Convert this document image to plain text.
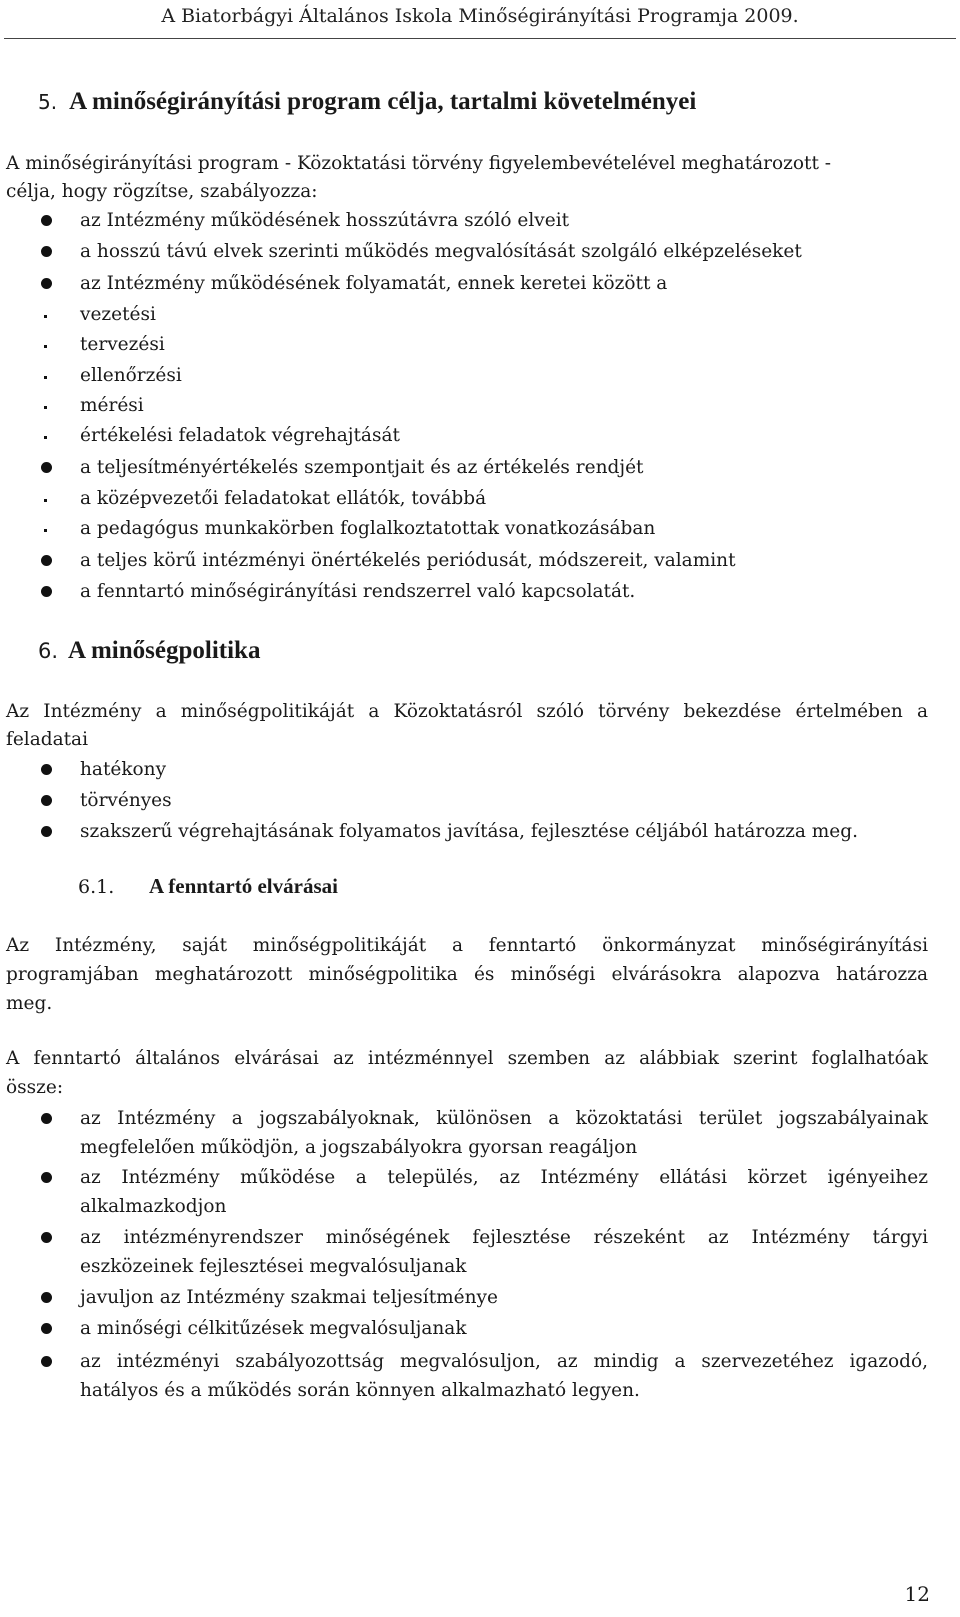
A Biatorbágyi Általános Iskola Minőségirányítási Programja 2009.
5. A minőségirányítási program célja, tartalmi követelményei
A minőségirányítási program - Közoktatási törvény figyelembevételével meghatározott -
célja, hogy rögzítse, szabályozza:
az Intézmény működésének hosszútávra szóló elveit
a hosszú távú elvek szerinti működés megvalósítását szolgáló elképzeléseket
az Intézmény működésének folyamatát, ennek keretei között a
vezetési
tervezési
ellenőrzési
mérési
értékelési feladatok végrehajtását
a teljesítményértékelés szempontjait és az értékelés rendjét
a középvezetői feladatokat ellátók, továbbá
a pedagógus munkakörben foglalkoztatottak vonatkozásában
a teljes körű intézményi önértékelés periódusát, módszereit, valamint
a fenntartó minőségirányítási rendszerrel való kapcsolatát.
6. A minőségpolitika
Az Intézmény a minőségpolitikáját a Közoktatásról szóló törvény bekezdése értelmében a
feladatai
hatékony
törvényes
szakszerű végrehajtásának folyamatos javítása, fejlesztése céljából határozza meg.
6.1. A fenntartó elvárásai
Az Intézmény, saját minőségpolitikáját a fenntartó önkormányzat minőségirányítási
programjában meghatározott minőségpolitika és minőségi elvárásokra alapozva határozza
meg.
A fenntartó általános elvárásai az intézménnyel szemben az alábbiak szerint foglalhatóak
össze:
az Intézmény a jogszabályoknak, különösen a közoktatási terület jogszabályainak
megfelelően működjön, a jogszabályokra gyorsan reagáljon
az Intézmény működése a település, az Intézmény ellátási körzet igényeihez
alkalmazkodjon
az intézményrendszer minőségének fejlesztése részeként az Intézmény tárgyi
eszközeinek fejlesztései megvalósuljanak
javuljon az Intézmény szakmai teljesítménye
a minőségi célkitűzések megvalósuljanak
az intézményi szabályozottság megvalósuljon, az mindig a szervezetéhez igazodó,
hatályos és a működés során könnyen alkalmazható legyen.
12
